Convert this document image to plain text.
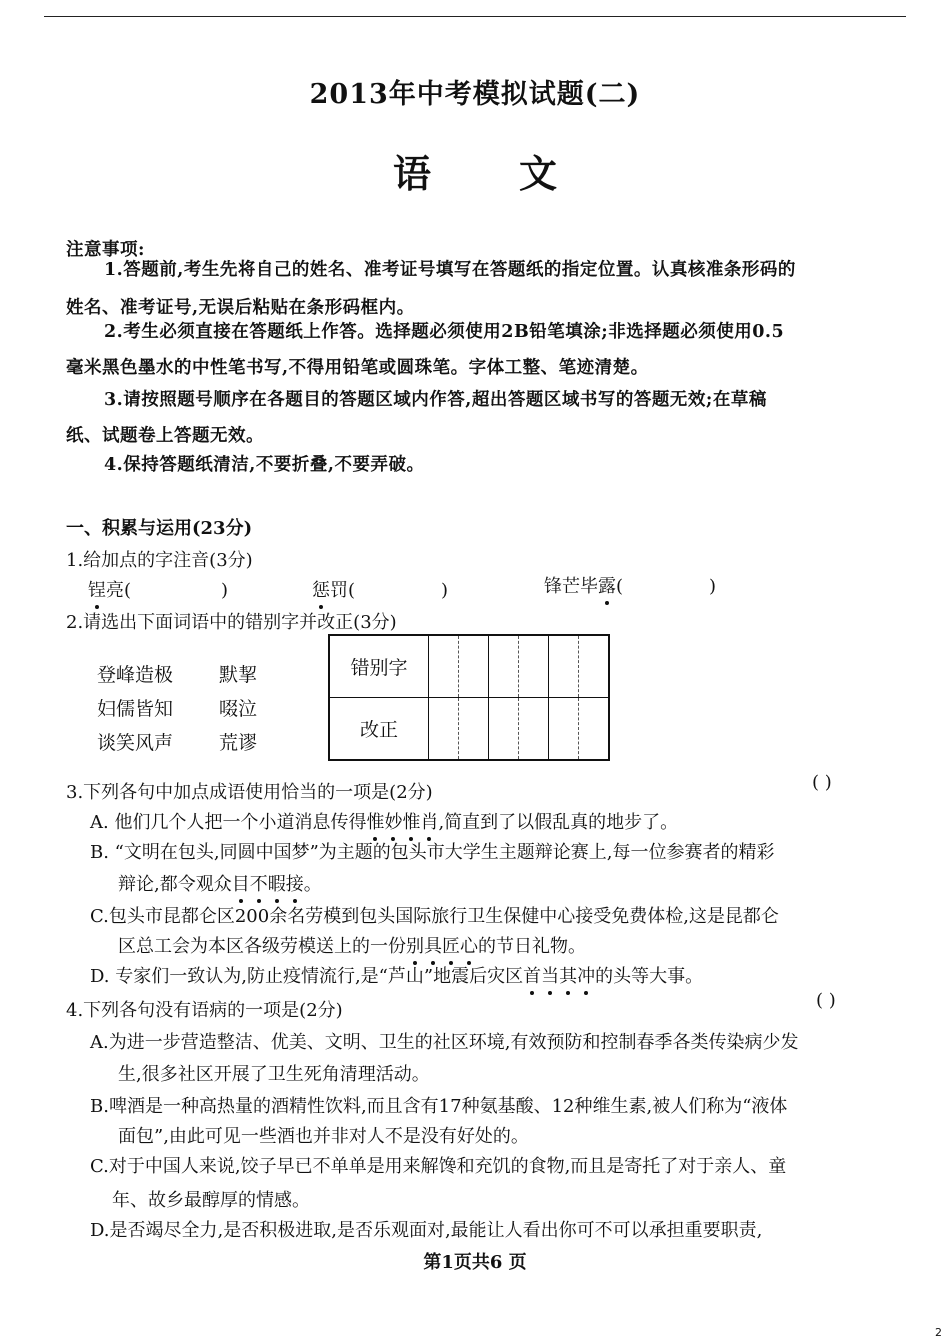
2013年中考模拟试题(二)
语 文
注意事项:
1.答题前,考生先将自己的姓名、准考证号填写在答题纸的指定位置。认真核准条形码的
姓名、准考证号,无误后粘贴在条形码框内。
2.考生必须直接在答题纸上作答。选择题必须使用2B铅笔填涂;非选择题必须使用0.5
毫米黑色墨水的中性笔书写,不得用铅笔或圆珠笔。字体工整、笔迹清楚。
3.请按照题号顺序在各题目的答题区域内作答,超出答题区域书写的答题无效;在草稿
纸、试题卷上答题无效。
4.保持答题纸清洁,不要折叠,不要弄破。
一、积累与运用(23分)
1.给加点的字注音(3分)
锃亮(	)	惩罚(	)	锋芒毕露(	)
2.请选出下面词语中的错别字并改正(3分)
登峰造极 默挈
妇儒皆知 啜泣
谈笑风声 荒谬
错别字						
改正						
3.下列各句中加点成语使用恰当的一项是(2分)	( )
A. 他们几个人把一个小道消息传得惟妙惟肖,简直到了以假乱真的地步了。
B. “文明在包头,同圆中国梦”为主题的包头市大学生主题辩论赛上,每一位参赛者的精彩
辩论,都令观众目不暇接。
C.包头市昆都仑区200余名劳模到包头国际旅行卫生保健中心接受免费体检,这是昆都仑
区总工会为本区各级劳模送上的一份别具匠心的节日礼物。
D. 专家们一致认为,防止疫情流行,是“芦山”地震后灾区首当其冲的头等大事。
4.下列各句没有语病的一项是(2分)	( )
A.为进一步营造整洁、优美、文明、卫生的社区环境,有效预防和控制春季各类传染病少发
生,很多社区开展了卫生死角清理活动。
B.啤酒是一种高热量的酒精性饮料,而且含有17种氨基酸、12种维生素,被人们称为“液体
面包”,由此可见一些酒也并非对人不是没有好处的。
C.对于中国人来说,饺子早已不单单是用来解馋和充饥的食物,而且是寄托了对于亲人、童
年、故乡最醇厚的情感。
D.是否竭尽全力,是否积极进取,是否乐观面对,最能让人看出你可不可以承担重要职责,
第1页共6 页
2
